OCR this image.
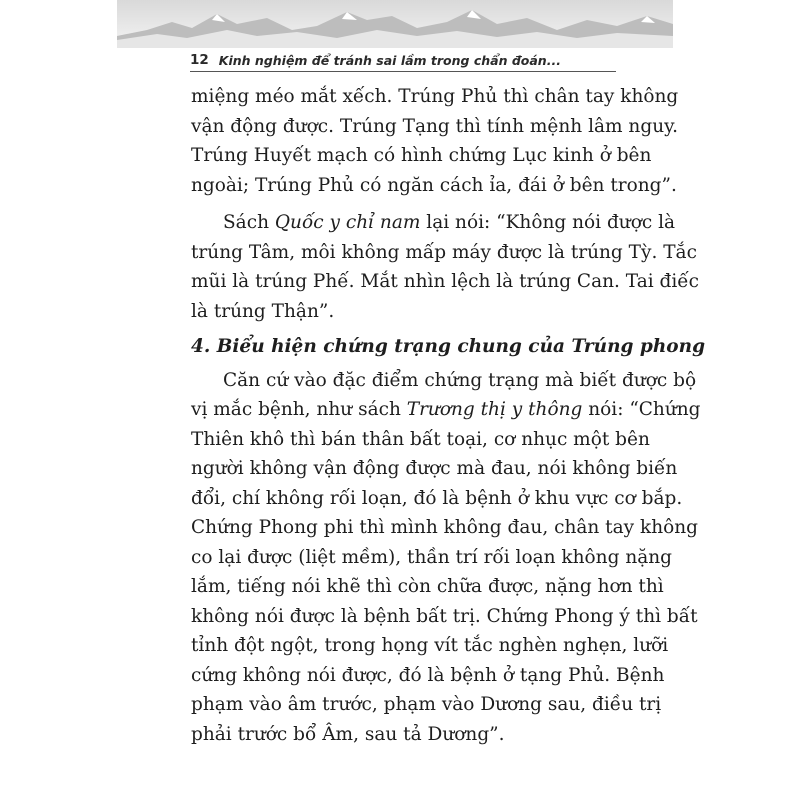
12 Kinh nghiệm để tránh sai lầm trong chẩn đoán...

miệng méo mắt xếch. Trúng Phủ thì chân tay không
vận động được. Trúng Tạng thì tính mệnh lâm nguy.
Trúng Huyết mạch có hình chứng Lục kinh ở bên
ngoài; Trúng Phủ có ngăn cách ỉa, đái ở bên trong”.

Sách Quốc y chỉ nam lại nói: “Không nói được là
trúng Tâm, môi không mấp máy được là trúng Tỳ. Tắc
mũi là trúng Phế. Mắt nhìn lệch là trúng Can. Tai điếc
là trúng Thận”.

4. Biểu hiện chứng trạng chung của Trúng phong

Căn cứ vào đặc điểm chứng trạng mà biết được bộ
vị mắc bệnh, như sách Trương thị y thông nói: “Chứng
Thiên khô thì bán thân bất toại, cơ nhục một bên
người không vận động được mà đau, nói không biến
đổi, chí không rối loạn, đó là bệnh ở khu vực cơ bắp.
Chứng Phong phi thì mình không đau, chân tay không
co lại được (liệt mềm), thần trí rối loạn không nặng
lắm, tiếng nói khẽ thì còn chữa được, nặng hơn thì
không nói được là bệnh bất trị. Chứng Phong ý thì bất
tỉnh đột ngột, trong họng vít tắc nghèn nghẹn, lưỡi
cứng không nói được, đó là bệnh ở tạng Phủ. Bệnh
phạm vào âm trước, phạm vào Dương sau, điều trị
phải trước bổ Âm, sau tả Dương”.
